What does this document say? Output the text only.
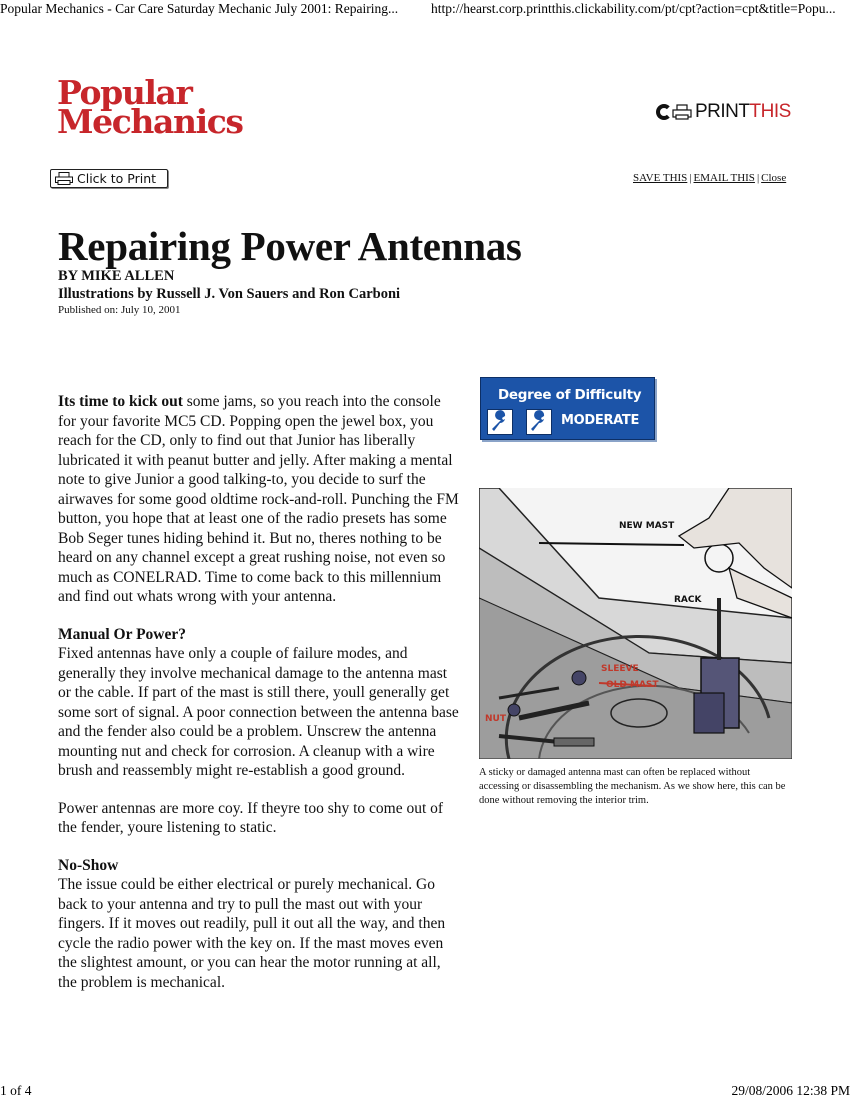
Popular Mechanics - Car Care Saturday Mechanic July 2001: Repairing... http://hearst.corp.printthis.clickability.com/pt/cpt?action=cpt&title=Popu...
Popular
Mechanics	PRINT THIS
Click to Print	SAVE THIS | EMAIL THIS | Close
Repairing Power Antennas
BY MIKE ALLEN
Illustrations by Russell J. Von Sauers and Ron Carboni
Published on: July 10, 2001

Its time to kick out some jams, so you reach into the console for your favorite MC5 CD. Popping open the jewel box, you reach for the CD, only to find out that Junior has liberally lubricated it with peanut butter and jelly. After making a mental note to give Junior a good talking-to, you decide to surf the airwaves for some good oldtime rock-and-roll. Punching the FM button, you hope that at least one of the radio presets has some Bob Seger tunes hiding behind it. But no, theres nothing to be heard on any channel except a great rushing noise, not even so much as CONELRAD. Time to come back to this millennium and find out whats wrong with your antenna.

Manual Or Power?
Fixed antennas have only a couple of failure modes, and generally they involve mechanical damage to the antenna mast or the cable. If part of the mast is still there, youll generally get some sort of signal. A poor connection between the antenna base and the fender also could be a problem. Unscrew the antenna mounting nut and check for corrosion. A cleanup with a wire brush and reassembly might re-establish a good ground.

Power antennas are more coy. If theyre too shy to come out of the fender, youre listening to static.

No-Show
The issue could be either electrical or purely mechanical. Go back to your antenna and try to pull the mast out with your fingers. If it moves out readily, pull it out all the way, and then cycle the radio power with the key on. If the mast moves even the slightest amount, or you can hear the motor running at all, the problem is mechanical.

Degree of Difficulty
MODERATE
NEW MAST
RACK
SLEEVE
OLD MAST
NUT
A sticky or damaged antenna mast can often be replaced without accessing or disassembling the mechanism. As we show here, this can be done without removing the interior trim.
1 of 4	29/08/2006 12:38 PM
